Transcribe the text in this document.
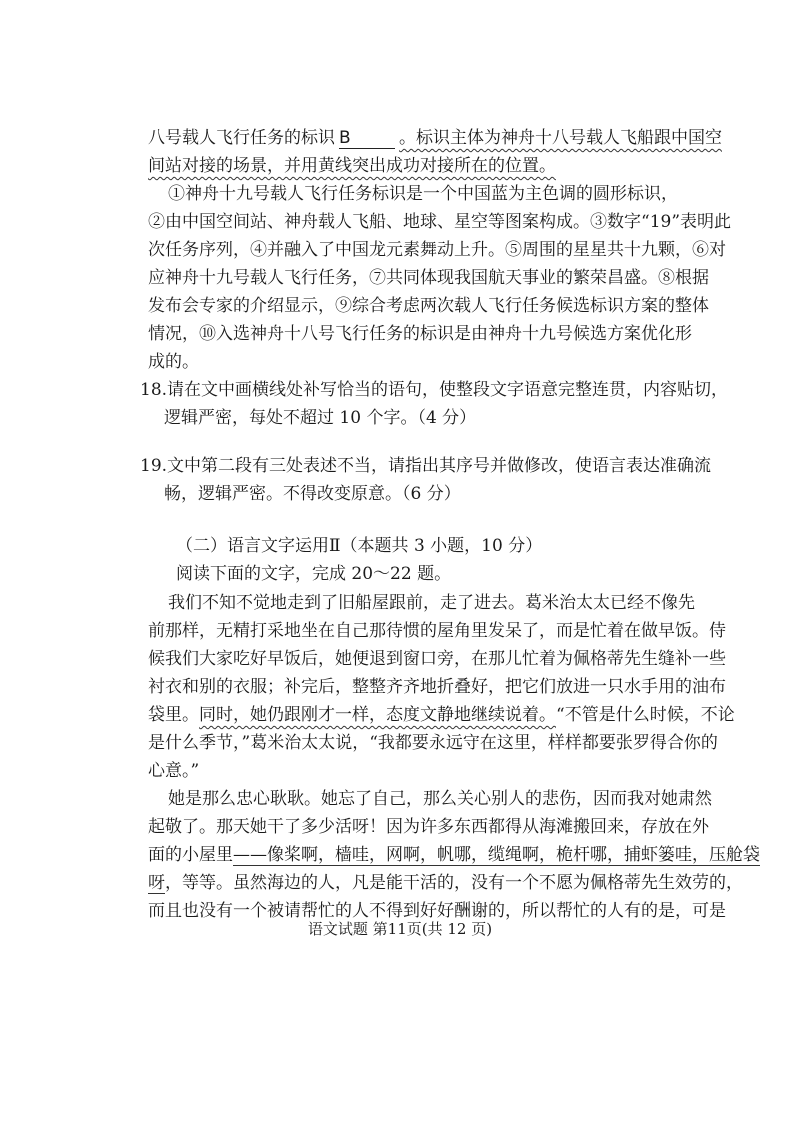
八号载人飞行任务的标识 B	。标识主体为神舟十八号载人飞船跟中国空
间站对接的场景，并用黄线突出成功对接所在的位置。
①神舟十九号载人飞行任务标识是一个中国蓝为主色调的圆形标识，
②由中国空间站、神舟载人飞船、地球、星空等图案构成。③数字“19”表明此
次任务序列，④并融入了中国龙元素舞动上升。⑤周围的星星共十九颗，⑥对
应神舟十九号载人飞行任务，⑦共同体现我国航天事业的繁荣昌盛。⑧根据
发布会专家的介绍显示，⑨综合考虑两次载人飞行任务候选标识方案的整体
情况，⑩入选神舟十八号飞行任务的标识是由神舟十九号候选方案优化形
成的。
18.请在文中画横线处补写恰当的语句，使整段文字语意完整连贯，内容贴切，
逻辑严密，每处不超过 10 个字。（4 分）
19.文中第二段有三处表述不当，请指出其序号并做修改，使语言表达准确流
畅，逻辑严密。不得改变原意。（6 分）
（二）语言文字运用Ⅱ（本题共 3 小题，10 分）
阅读下面的文字，完成 20～22 题。
我们不知不觉地走到了旧船屋跟前，走了进去。葛米治太太已经不像先
前那样，无精打采地坐在自己那待惯的屋角里发呆了，而是忙着在做早饭。侍
候我们大家吃好早饭后，她便退到窗口旁，在那儿忙着为佩格蒂先生缝补一些
衬衣和别的衣服；补完后，整整齐齐地折叠好，把它们放进一只水手用的油布
袋里。同时，她仍跟刚才一样，态度文静地继续说着。“不管是什么时候，不论
是什么季节，”葛米治太太说，“我都要永远守在这里，样样都要张罗得合你的
心意。”
她是那么忠心耿耿。她忘了自己，那么关心别人的悲伤，因而我对她肃然
起敬了。那天她干了多少活呀！因为许多东西都得从海滩搬回来，存放在外
面的小屋里——像桨啊，樯哇，网啊，帆哪，缆绳啊，桅杆哪，捕虾篓哇，压舱袋
呀，等等。虽然海边的人，凡是能干活的，没有一个不愿为佩格蒂先生效劳的，
而且也没有一个被请帮忙的人不得到好好酬谢的，所以帮忙的人有的是，可是
语文试题 第11页(共 12 页)
